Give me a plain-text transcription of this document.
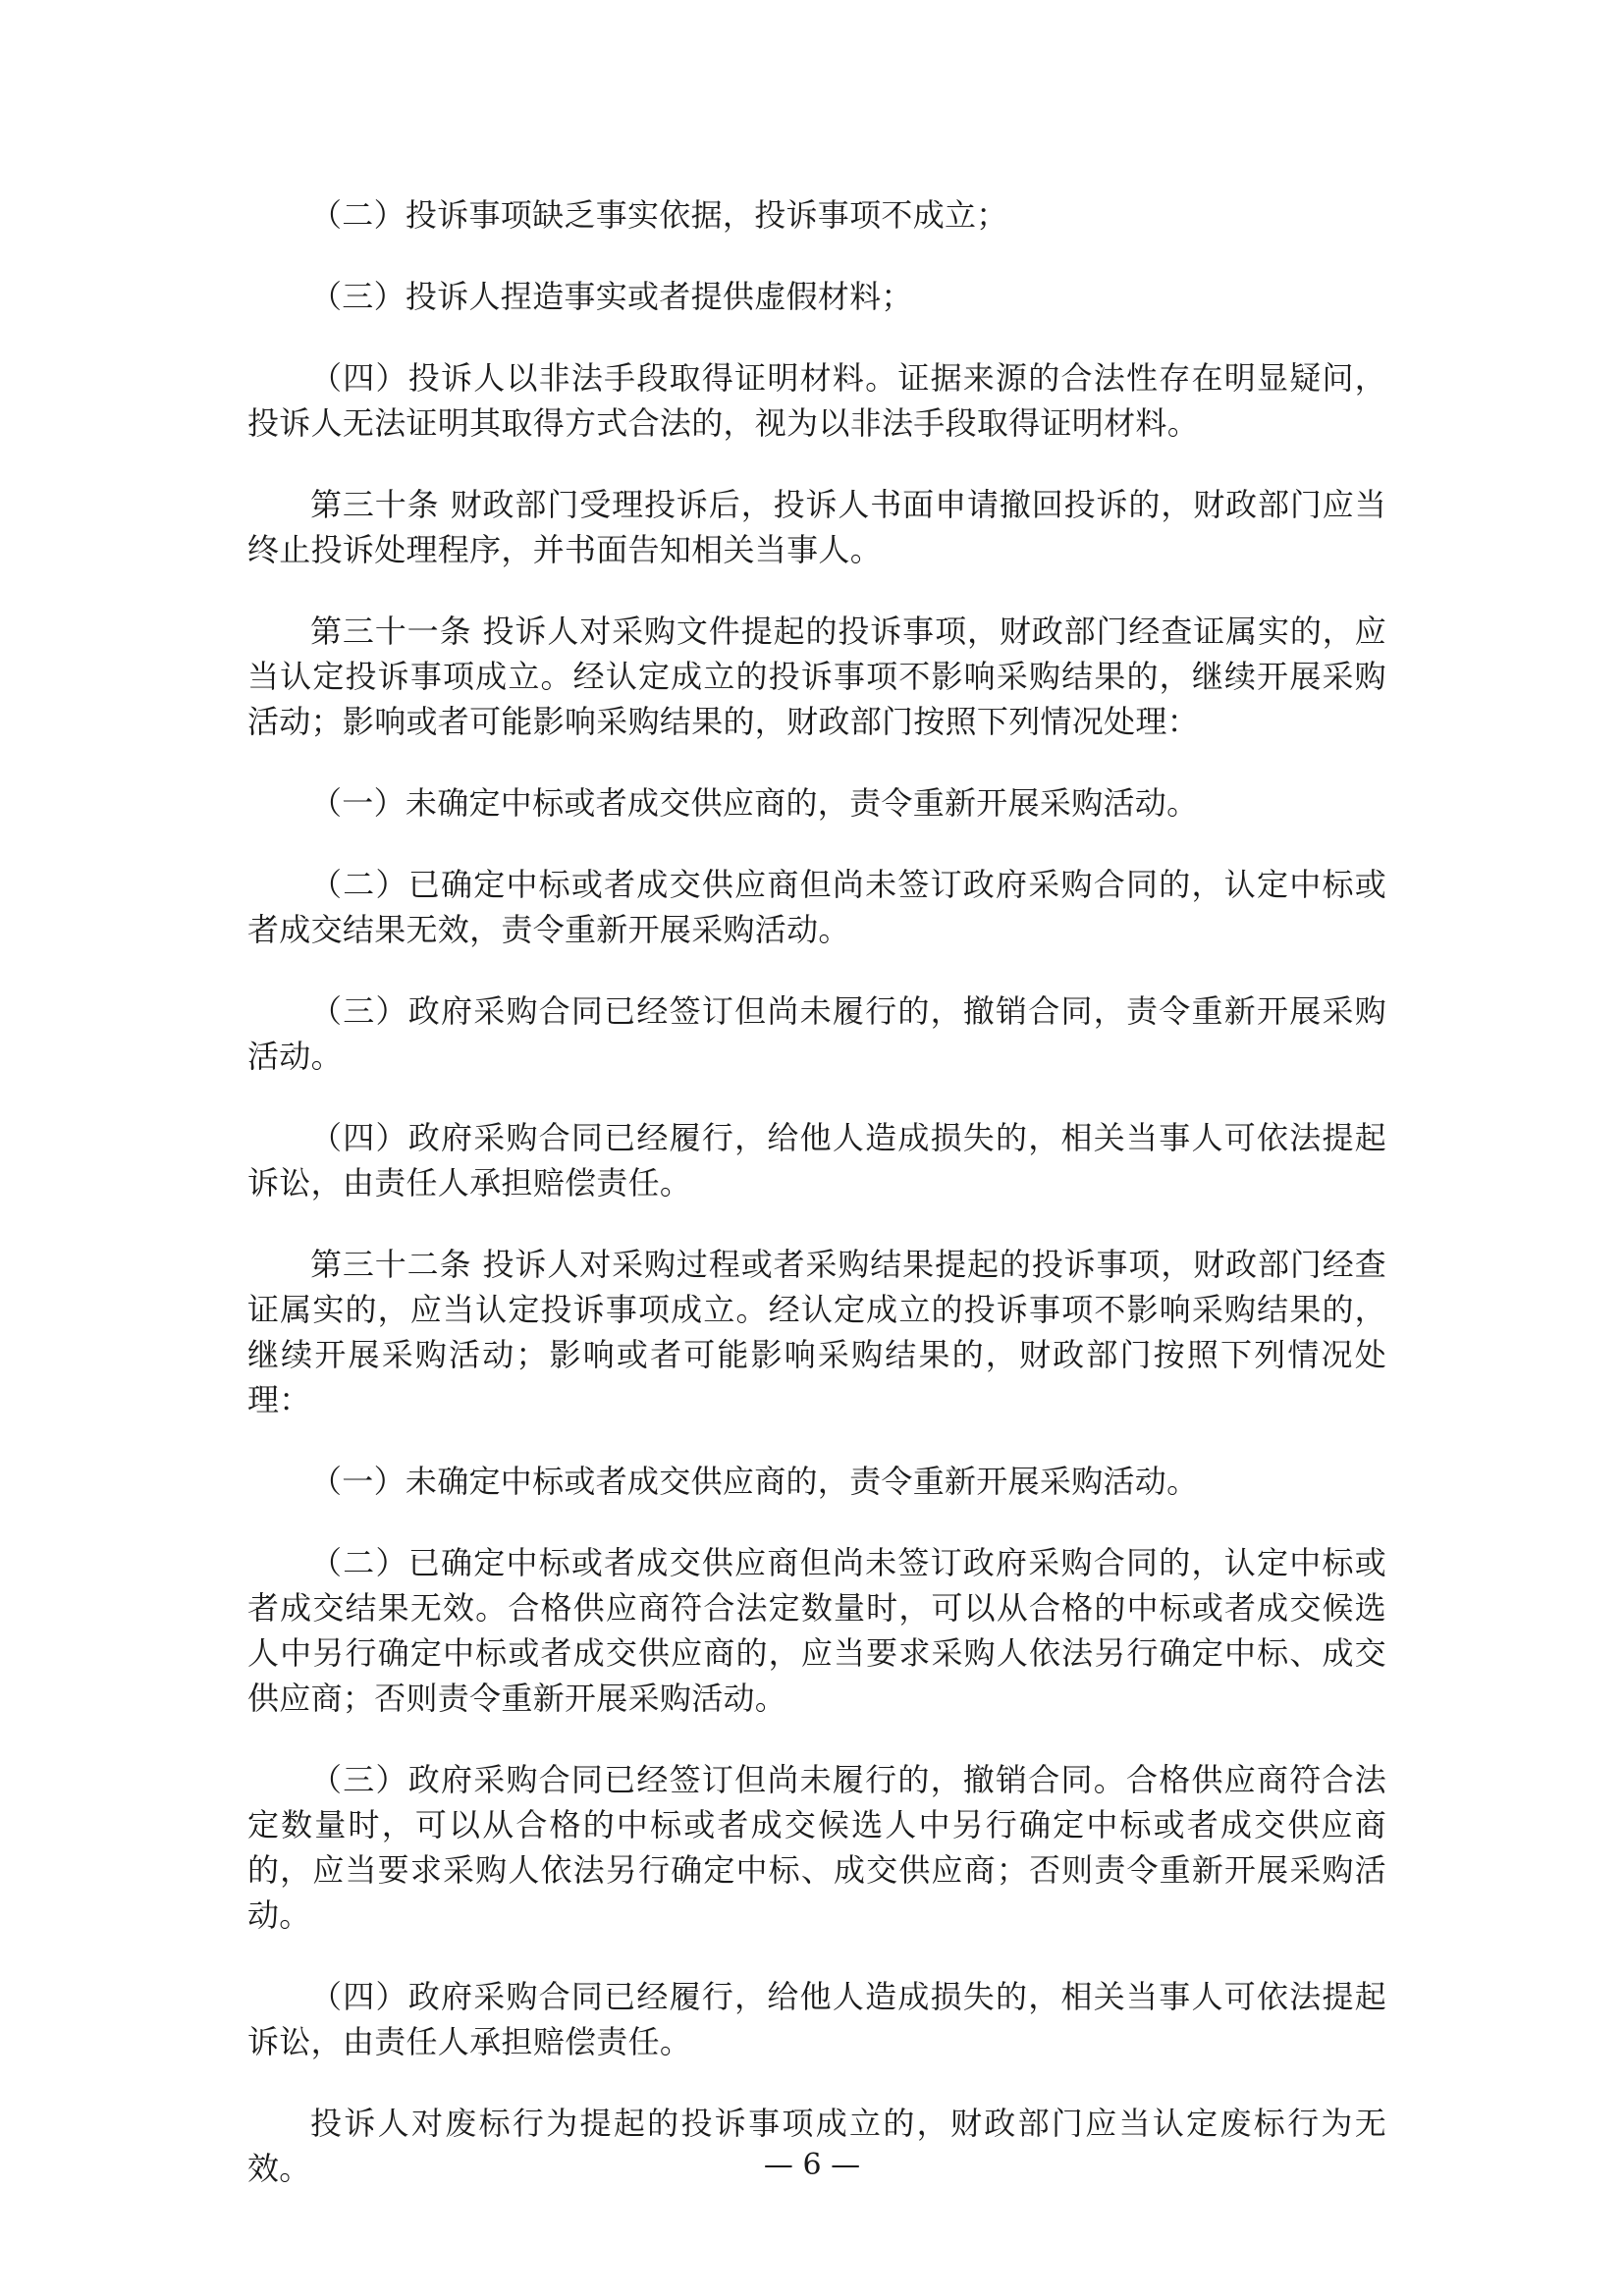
（二）投诉事项缺乏事实依据，投诉事项不成立；

（三）投诉人捏造事实或者提供虚假材料；

（四）投诉人以非法手段取得证明材料。证据来源的合法性存在明显疑问，投诉人无法证明其取得方式合法的，视为以非法手段取得证明材料。

第三十条 财政部门受理投诉后，投诉人书面申请撤回投诉的，财政部门应当终止投诉处理程序，并书面告知相关当事人。

第三十一条 投诉人对采购文件提起的投诉事项，财政部门经查证属实的，应当认定投诉事项成立。经认定成立的投诉事项不影响采购结果的，继续开展采购活动；影响或者可能影响采购结果的，财政部门按照下列情况处理：

（一）未确定中标或者成交供应商的，责令重新开展采购活动。

（二）已确定中标或者成交供应商但尚未签订政府采购合同的，认定中标或者成交结果无效，责令重新开展采购活动。

（三）政府采购合同已经签订但尚未履行的，撤销合同，责令重新开展采购活动。

（四）政府采购合同已经履行，给他人造成损失的，相关当事人可依法提起诉讼，由责任人承担赔偿责任。

第三十二条 投诉人对采购过程或者采购结果提起的投诉事项，财政部门经查证属实的，应当认定投诉事项成立。经认定成立的投诉事项不影响采购结果的，继续开展采购活动；影响或者可能影响采购结果的，财政部门按照下列情况处理：

（一）未确定中标或者成交供应商的，责令重新开展采购活动。

（二）已确定中标或者成交供应商但尚未签订政府采购合同的，认定中标或者成交结果无效。合格供应商符合法定数量时，可以从合格的中标或者成交候选人中另行确定中标或者成交供应商的，应当要求采购人依法另行确定中标、成交供应商；否则责令重新开展采购活动。

（三）政府采购合同已经签订但尚未履行的，撤销合同。合格供应商符合法定数量时，可以从合格的中标或者成交候选人中另行确定中标或者成交供应商的，应当要求采购人依法另行确定中标、成交供应商；否则责令重新开展采购活动。

（四）政府采购合同已经履行，给他人造成损失的，相关当事人可依法提起诉讼，由责任人承担赔偿责任。

投诉人对废标行为提起的投诉事项成立的，财政部门应当认定废标行为无效。	— 6 —
